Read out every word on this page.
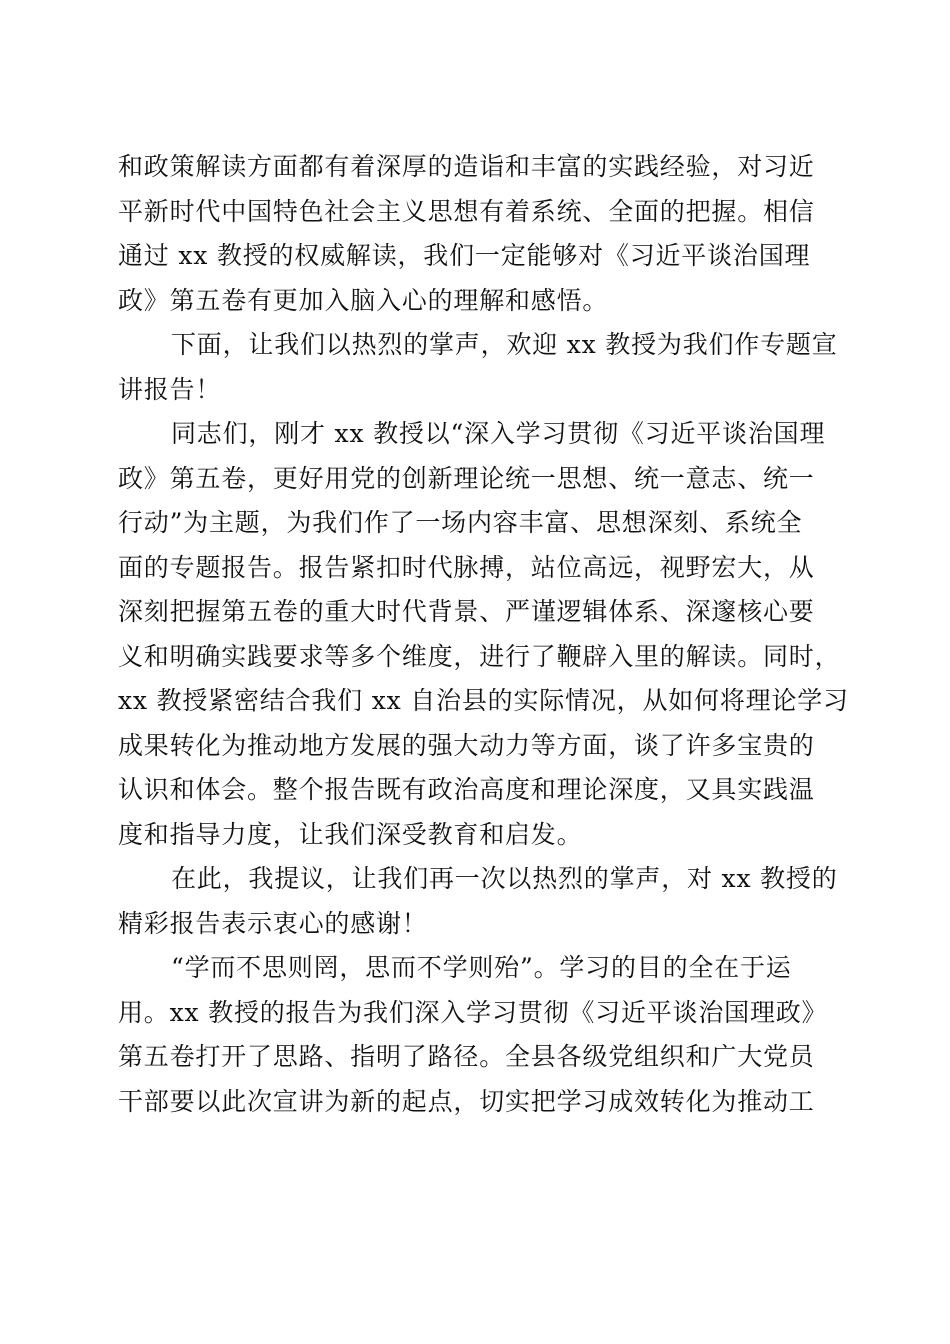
和政策解读方面都有着深厚的造诣和丰富的实践经验，对习近
平新时代中国特色社会主义思想有着系统、全面的把握。相信
通过 xx 教授的权威解读，我们一定能够对《习近平谈治国理
政》第五卷有更加入脑入心的理解和感悟。
下面，让我们以热烈的掌声，欢迎 xx 教授为我们作专题宣
讲报告！
同志们，刚才 xx 教授以“深入学习贯彻《习近平谈治国理
政》第五卷，更好用党的创新理论统一思想、统一意志、统一
行动”为主题，为我们作了一场内容丰富、思想深刻、系统全
面的专题报告。报告紧扣时代脉搏，站位高远，视野宏大，从
深刻把握第五卷的重大时代背景、严谨逻辑体系、深邃核心要
义和明确实践要求等多个维度，进行了鞭辟入里的解读。同时，
xx 教授紧密结合我们 xx 自治县的实际情况，从如何将理论学习
成果转化为推动地方发展的强大动力等方面，谈了许多宝贵的
认识和体会。整个报告既有政治高度和理论深度，又具实践温
度和指导力度，让我们深受教育和启发。
在此，我提议，让我们再一次以热烈的掌声，对 xx 教授的
精彩报告表示衷心的感谢！
“学而不思则罔，思而不学则殆”。学习的目的全在于运
用。xx 教授的报告为我们深入学习贯彻《习近平谈治国理政》
第五卷打开了思路、指明了路径。全县各级党组织和广大党员
干部要以此次宣讲为新的起点，切实把学习成效转化为推动工
